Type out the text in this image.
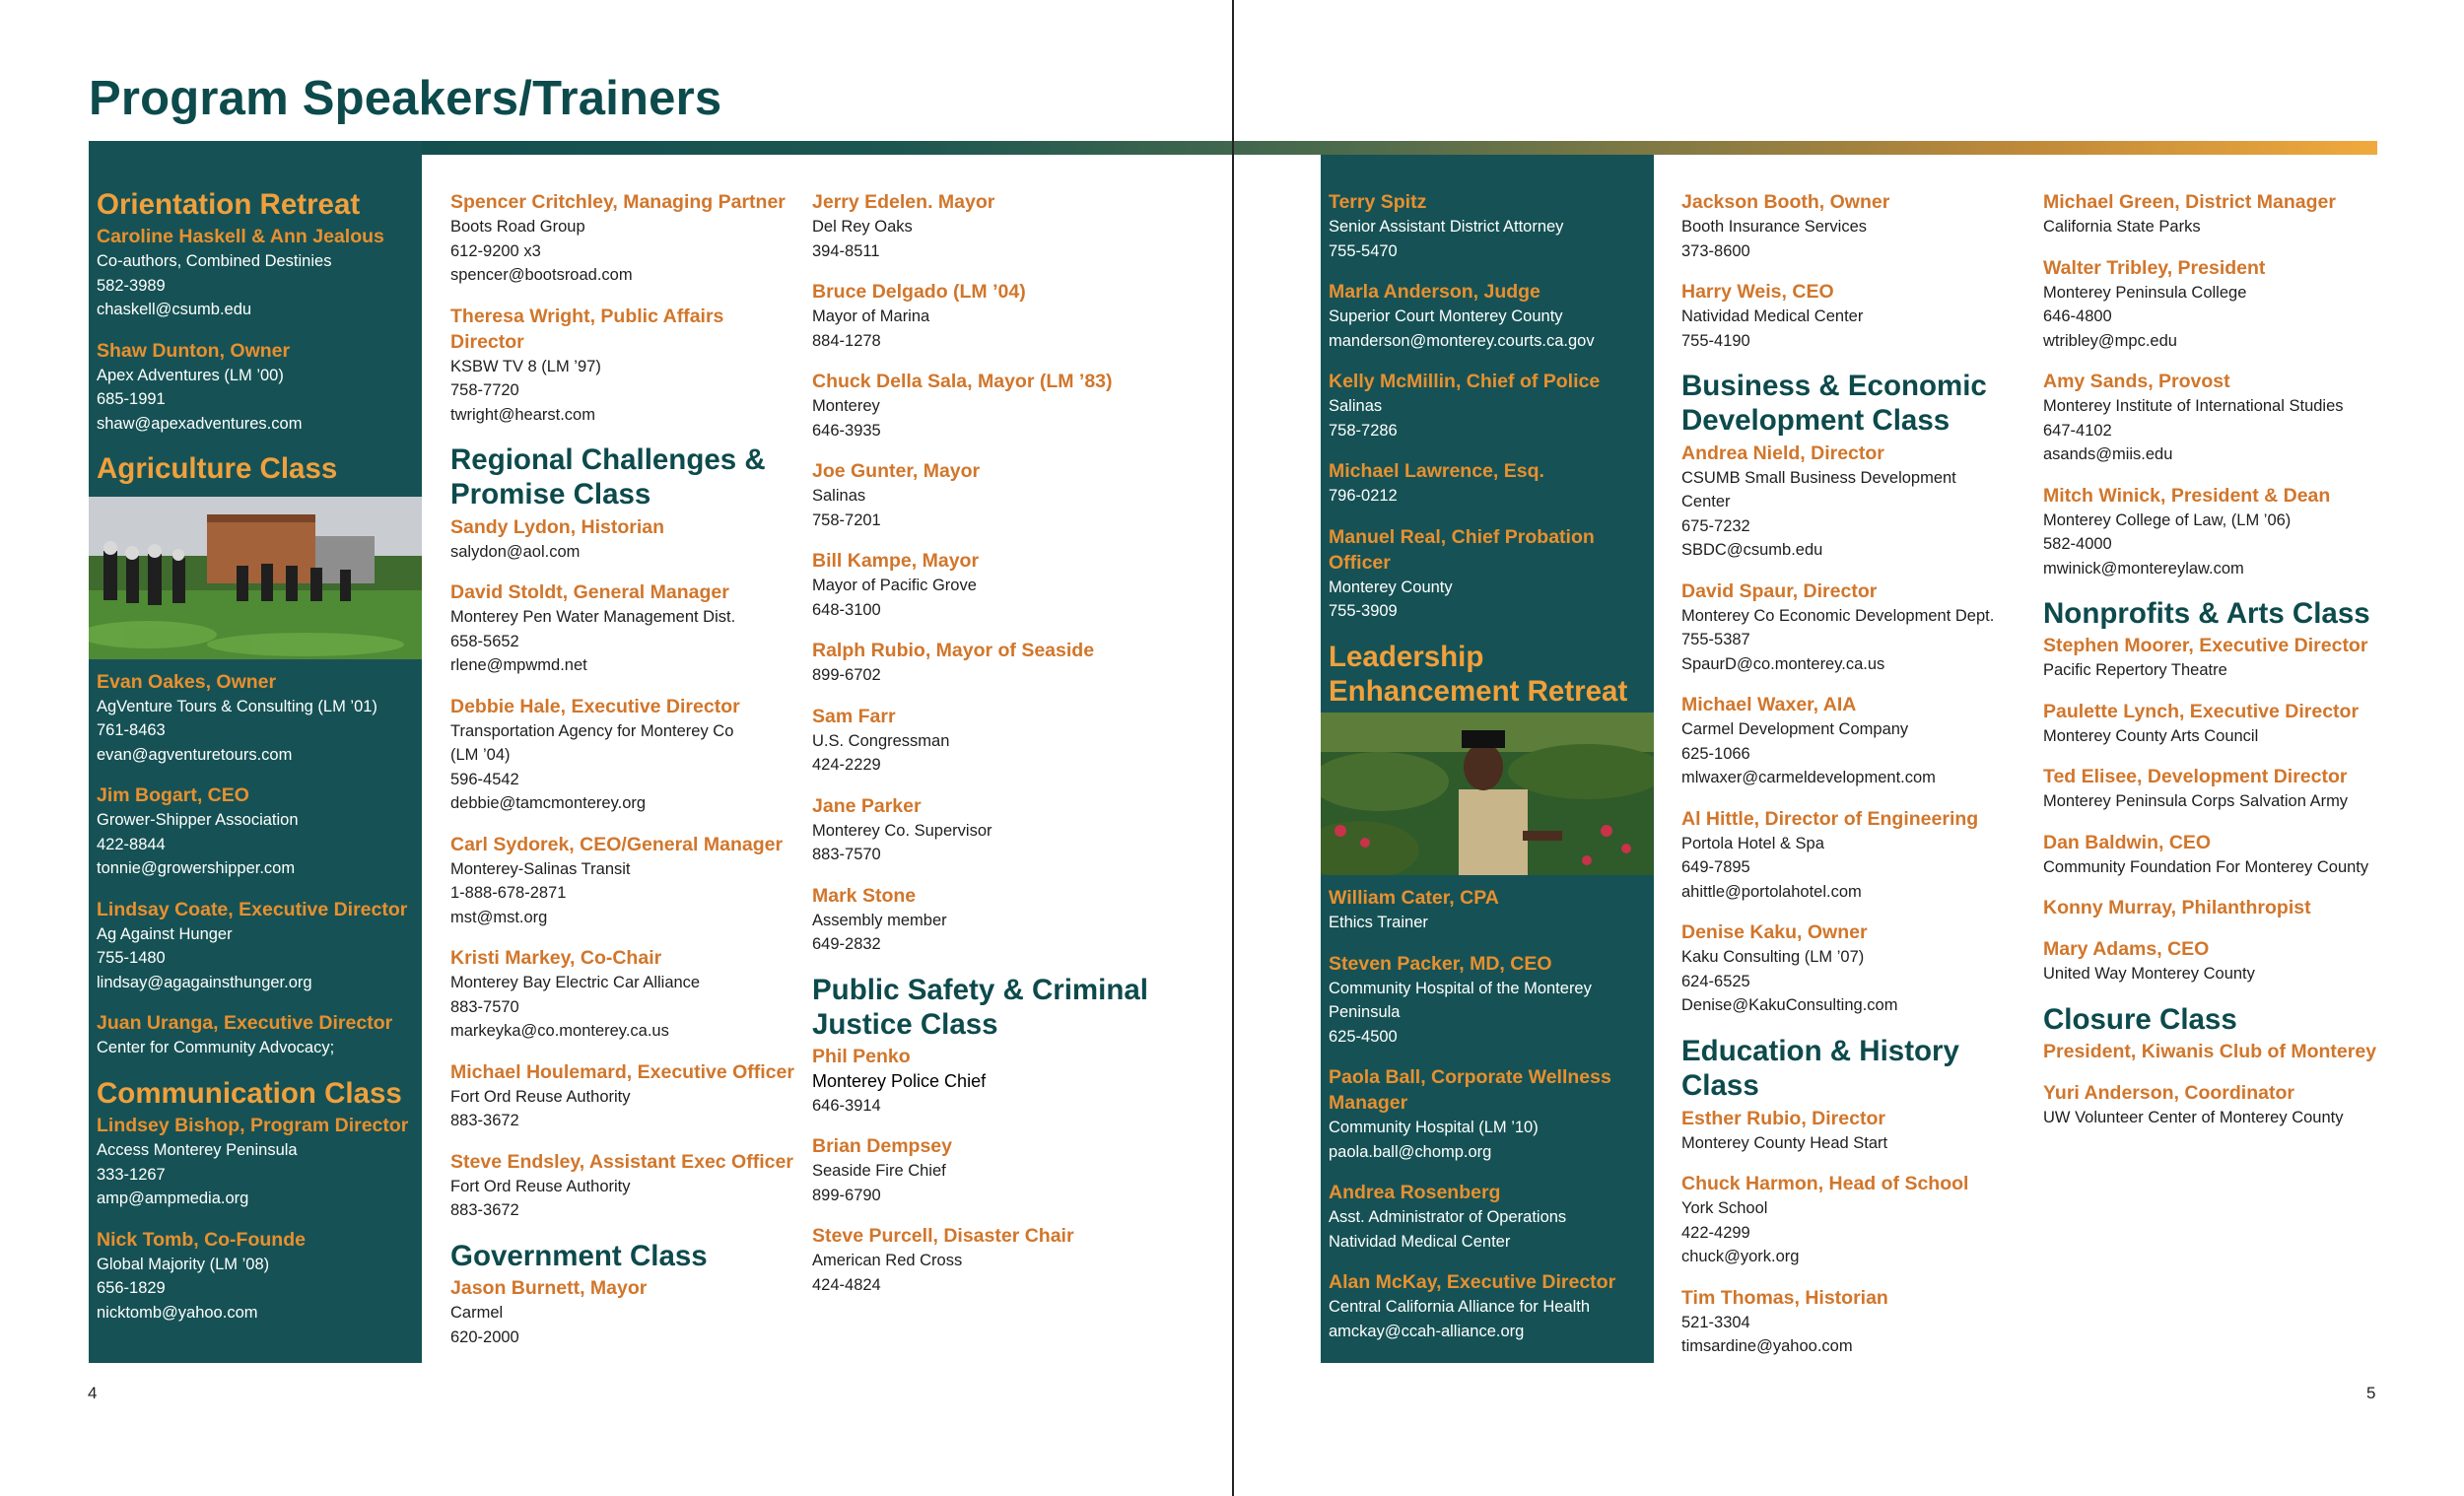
Program Speakers/Trainers
Orientation Retreat
Caroline Haskell & Ann Jealous
Co-authors, Combined Destinies
582-3989
chaskell@csumb.edu
Shaw Dunton, Owner
Apex Adventures (LM ’00)
685-1991
shaw@apexadventures.com
Agriculture Class
Evan Oakes, Owner
AgVenture Tours & Consulting (LM ’01)
761-8463
evan@agventuretours.com
Jim Bogart, CEO
Grower-Shipper Association
422-8844
tonnie@growershipper.com
Lindsay Coate, Executive Director
Ag Against Hunger
755-1480
lindsay@agagainsthunger.org
Juan Uranga, Executive Director
Center for Community Advocacy;
Communication Class
Lindsey Bishop, Program Director
Access Monterey Peninsula
333-1267
amp@ampmedia.org
Nick Tomb, Co-Founde
Global Majority (LM ’08)
656-1829
nicktomb@yahoo.com
Spencer Critchley, Managing Partner
Boots Road Group
612-9200 x3
spencer@bootsroad.com
Theresa Wright, Public Affairs Director
KSBW TV 8 (LM ’97)
758-7720
twright@hearst.com
Regional Challenges & Promise Class
Sandy Lydon, Historian
salydon@aol.com
David Stoldt, General Manager
Monterey Pen Water Management Dist.
658-5652
rlene@mpwmd.net
Debbie Hale, Executive Director
Transportation Agency for Monterey Co
(LM ’04)
596-4542
debbie@tamcmonterey.org
Carl Sydorek, CEO/General Manager
Monterey-Salinas Transit
1-888-678-2871
mst@mst.org
Kristi Markey, Co-Chair
Monterey Bay Electric Car Alliance
883-7570
markeyka@co.monterey.ca.us
Michael Houlemard, Executive Officer
Fort Ord Reuse Authority
883-3672
Steve Endsley, Assistant Exec Officer
Fort Ord Reuse Authority
883-3672
Government Class
Jason Burnett, Mayor
Carmel
620-2000
Jerry Edelen. Mayor
Del Rey Oaks
394-8511
Bruce Delgado (LM ’04)
Mayor of Marina
884-1278
Chuck Della Sala, Mayor (LM ’83)
Monterey
646-3935
Joe Gunter, Mayor
Salinas
758-7201
Bill Kampe, Mayor
Mayor of Pacific Grove
648-3100
Ralph Rubio, Mayor of Seaside
899-6702
Sam Farr
U.S. Congressman
424-2229
Jane Parker
Monterey Co. Supervisor
883-7570
Mark Stone
Assembly member
649-2832
Public Safety & Criminal Justice Class
Phil Penko
Monterey Police Chief
646-3914
Brian Dempsey
Seaside Fire Chief
899-6790
Steve Purcell, Disaster Chair
American Red Cross
424-4824
Terry Spitz
Senior Assistant District Attorney
755-5470
Marla Anderson, Judge
Superior Court Monterey County
manderson@monterey.courts.ca.gov
Kelly McMillin, Chief of Police
Salinas
758-7286
Michael Lawrence, Esq.
796-0212
Manuel Real, Chief Probation Officer
Monterey County
755-3909
Leadership Enhancement Retreat
William Cater, CPA
Ethics Trainer
Steven Packer, MD, CEO
Community Hospital of the Monterey
Peninsula
625-4500
Paola Ball, Corporate Wellness Manager
Community Hospital (LM ’10)
paola.ball@chomp.org
Andrea Rosenberg
Asst. Administrator of Operations
Natividad Medical Center
Alan McKay, Executive Director
Central California Alliance for Health
amckay@ccah-alliance.org
Jackson Booth, Owner
Booth Insurance Services
373-8600
Harry Weis, CEO
Natividad Medical Center
755-4190
Business & Economic Development Class
Andrea Nield, Director
CSUMB Small Business Development
Center
675-7232
SBDC@csumb.edu
David Spaur, Director
Monterey Co Economic Development Dept.
755-5387
SpaurD@co.monterey.ca.us
Michael Waxer, AIA
Carmel Development Company
625-1066
mlwaxer@carmeldevelopment.com
Al Hittle, Director of Engineering
Portola Hotel & Spa
649-7895
ahittle@portolahotel.com
Denise Kaku, Owner
Kaku Consulting (LM ’07)
624-6525
Denise@KakuConsulting.com
Education & History Class
Esther Rubio, Director
Monterey County Head Start
Chuck Harmon, Head of School
York School
422-4299
chuck@york.org
Tim Thomas, Historian
521-3304
timsardine@yahoo.com
Michael Green, District Manager
California State Parks
Walter Tribley, President
Monterey Peninsula College
646-4800
wtribley@mpc.edu
Amy Sands, Provost
Monterey Institute of International Studies
647-4102
asands@miis.edu
Mitch Winick, President & Dean
Monterey College of Law, (LM ’06)
582-4000
mwinick@montereylaw.com
Nonprofits & Arts Class
Stephen Moorer, Executive Director
Pacific Repertory Theatre
Paulette Lynch, Executive Director
Monterey County Arts Council
Ted Elisee, Development Director
Monterey Peninsula Corps Salvation Army
Dan Baldwin, CEO
Community Foundation For Monterey County
Konny Murray, Philanthropist
Mary Adams, CEO
United Way Monterey County
Closure Class
President, Kiwanis Club of Monterey
Yuri Anderson, Coordinator
UW Volunteer Center of Monterey County
4	5
